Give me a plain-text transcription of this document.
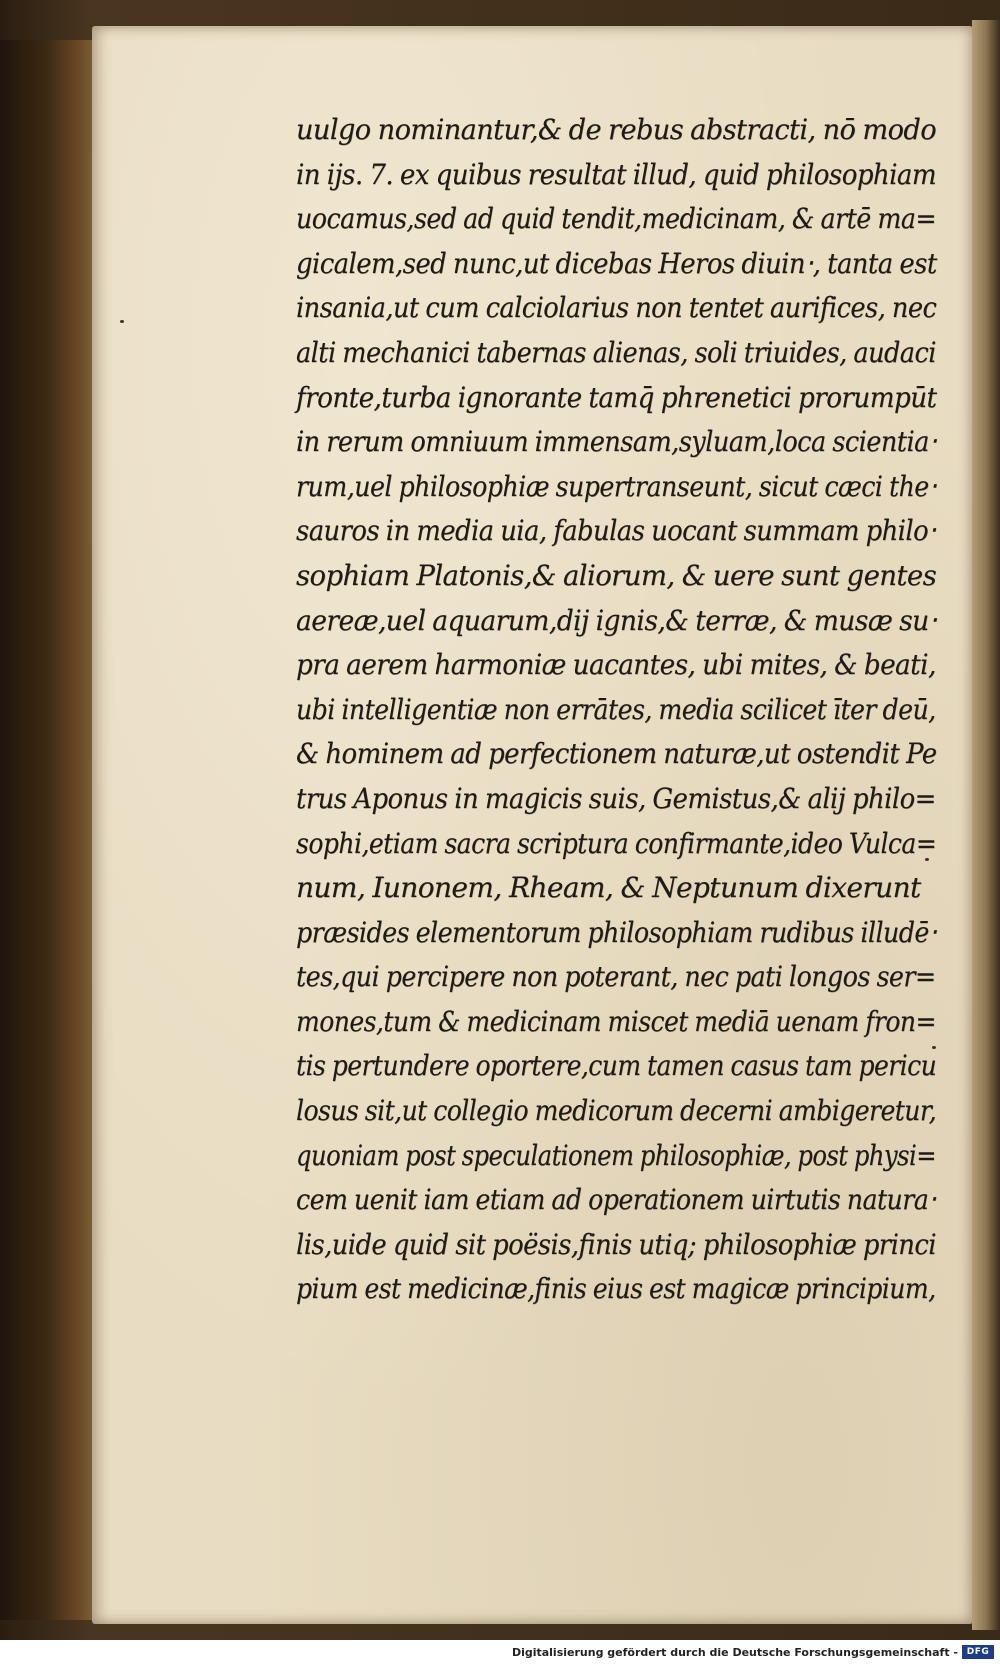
uulgo nominantur,& de rebus abstracti, nō modo
in ijs. 7. ex quibus resultat illud, quid philosophiam
uocamus,sed ad quid tendit,medicinam, & artē ma=
gicalem,sed nunc,ut dicebas Heros diuin‧, tanta est
insania,ut cum calciolarius non tentet aurifices, nec
alti mechanici tabernas alienas, soli triuides, audaci
fronte,turba ignorante tamq̄ phrenetici prorumpūt
in rerum omniuum immensam,syluam,loca scientia‧
rum,uel philosophiæ supertranseunt, sicut cæci the‧
sauros in media uia, fabulas uocant summam philo‧
sophiam Platonis,& aliorum, & uere sunt gentes
aereæ,uel aquarum,dij ignis,& terræ, & musæ su‧
pra aerem harmoniæ uacantes, ubi mites, & beati,
ubi intelligentiæ non errātes, media scilicet īter deū,
& hominem ad perfectionem naturæ,ut ostendit Pe
trus Aponus in magicis suis, Gemistus,& alij philo=
sophi,etiam sacra scriptura confirmante,ideo Vulca=
num, Iunonem, Rheam, & Neptunum dixerunt
præsides elementorum philosophiam rudibus illudē‧
tes,qui percipere non poterant, nec pati longos ser=
mones,tum & medicinam miscet mediā uenam fron=
tis pertundere oportere,cum tamen casus tam pericu
losus sit,ut collegio medicorum decerni ambigeretur,
quoniam post speculationem philosophiæ, post physi=
cem uenit iam etiam ad operationem uirtutis natura‧
lis,uide quid sit poësis,finis utiq; philosophiæ princi
pium est medicinæ,finis eius est magicæ principium,
Digitalisierung gefördert durch die Deutsche Forschungsgemeinschaft - DFG
